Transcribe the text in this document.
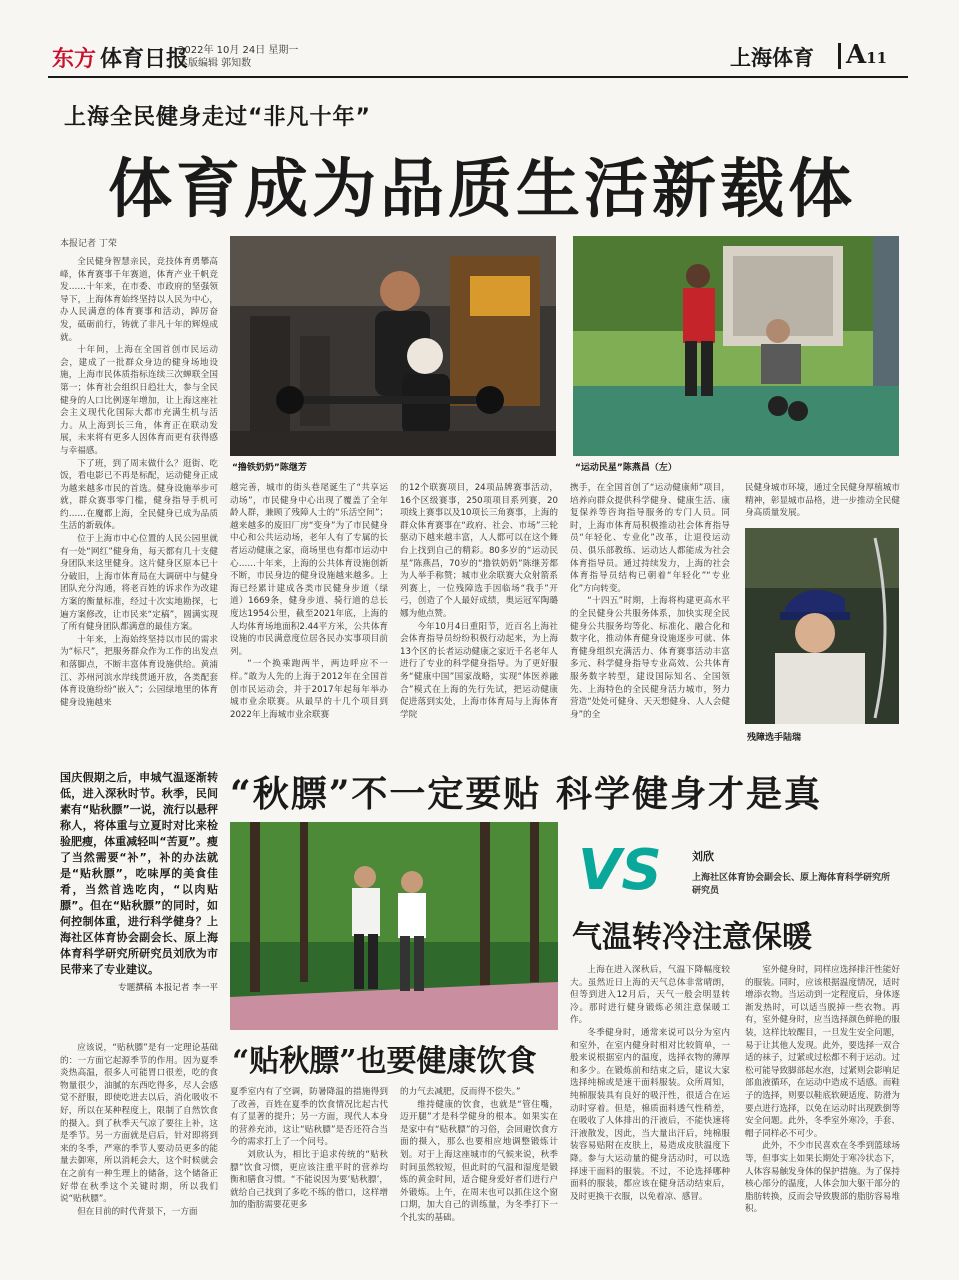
东方 体育日报
2022年 10月 24日 星期一
本版编辑 郭知数	上海体育 A11
上海全民健身走过“非凡十年”
体育成为品质生活新载体
本报记者 丁荣

全民健身智慧亲民，竞技体育勇攀高峰，体育赛事千年赛道，体育产业千帆竞发……十年来，在市委、市政府的坚强领导下，上海体育始终坚持以人民为中心，办人民满意的体育赛事和活动，踔厉奋发，砥砺前行，铸就了非凡十年的辉煌成就。

十年间，上海在全国首创市民运动会，建成了一批群众身边的健身场地设施，上海市民体质指标连续三次蝉联全国第一；体育社会组织日趋壮大，参与全民健身的人口比例逐年增加，让上海这座社会主义现代化国际大都市充满生机与活力。从上海到长三角，体育正在联动发展，未来将有更多人因体育而更有获得感与幸福感。

下了班，到了周末做什么？逛街、吃饭，看电影已不再是标配，运动健身正成为越来越多市民的首选。健身设施举步可就，群众赛事零门槛，健身指导手机可约……在魔都上海，全民健身已成为品质生活的新载体。

位于上海市中心位置的人民公园里就有一处“网红”健身角，每天都有几十支健身团队来这里健身。这片健身区原本已十分破旧，上海市体育局在大调研中与健身团队充分沟通，将老百姓的诉求作为改建方案的衡量标准，经过十次实地勘探，七遍方案修改，让市民来“定稿”，圆满实现了所有健身团队都满意的最佳方案。

十年来，上海始终坚持以市民的需求为“标尺”，把服务群众作为工作的出发点和落脚点，不断丰富体育设施供给。黄浦江、苏州河滨水岸线贯通开放，各类配套体育设施纷纷“嵌入”；公园绿地里的体育健身设施越来

“撸铁奶奶”陈继芳	“运动民星”陈燕昌（左）

越完善，城市的街头巷尾诞生了“共享运动场”，市民健身中心出现了覆盖了全年龄人群，兼顾了残障人士的“乐活空间”；越来越多的废旧厂房“变身”为了市民健身中心和公共运动场，老年人有了专属的长者运动健康之家，商场里也有都市运动中心……十年来，上海的公共体育设施创新不断，市民身边的健身设施越来越多。上海已经累计建成各类市民健身步道（绿道）1669条，健身步道、骑行道的总长度达1954公里，截至2021年底，上海的人均体育场地面积2.44平方米，公共体育设施的市民满意度位居各民办实事项目前列。

“一个换乘跑两半，两边呼应不一样。”敢为人先的上海于2012年在全国首创市民运动会，并于2017年起每年举办城市业余联赛。从最早的十几个项目到2022年上海城市业余联赛

的12个联赛项目，24项品牌赛事活动，16个区级赛事，250项项目系列赛，20项线上赛事以及10项长三角赛事，上海的群众体育赛事在“政府、社会、市场”三轮驱动下越来越丰富，人人都可以在这个舞台上找到自己的精彩。80多岁的“运动民星”陈燕昌，70岁的“撸铁奶奶”陈继芳都为人举手称赞；城市业余联赛大众射箭系列赛上，一位残障选手因临场“我手”开弓，创造了个人最好成绩，奥运冠军陶璐娜为他点赞。

今年10月4日重阳节，近百名上海社会体育指导员纷纷积极行动起来，为上海13个区的长者运动健康之家近千名老年人进行了专业的科学健身指导。为了更好服务“健康中国”国家战略，实现“体医养融合”模式在上海的先行先试，把运动健康促进落到实处，上海市体育局与上海体育学院

携手，在全国首创了“运动健康师”项目，培养向群众提供科学健身、健康生活、康复保养等咨询指导服务的专门人员。同时，上海市体育局积极推动社会体育指导员“年轻化、专业化”改革，让退役运动员、俱乐部教练、运动达人都能成为社会体育指导员。通过持续发力，上海的社会体育指导员结构已朝着“年轻化”“专业化”方向转变。

“十四五”时期，上海将构建更高水平的全民健身公共服务体系，加快实现全民健身公共服务均等化、标准化、融合化和数字化，推动体育健身设施逐步可就、体育健身组织充满活力、体育赛事活动丰富多元、科学健身指导专业高效、公共体育服务数字转型，建设国际知名、全国领先、上海特色的全民健身活力城市，努力营造“处处可健身、天天想健身、人人会健身”的全

民健身城市环境，通过全民健身厚植城市精神，彰显城市品格，进一步推动全民健身高质量发展。

残障选手陆瑞
国庆假期之后，申城气温逐渐转低，进入深秋时节。秋季，民间素有“贴秋膘”一说，流行以悬秤称人，将体重与立夏时对比来检验肥瘦，体重减轻叫“苦夏”。瘦了当然需要“补”，补的办法就是“贴秋膘”，吃味厚的美食佳肴，当然首选吃肉，“以肉贴膘”。但在“贴秋膘”的同时，如何控制体重，进行科学健身？上海社区体育协会副会长、原上海体育科学研究所研究员刘欣为市民带来了专业建议。
专题撰稿 本报记者 李一平
“秋膘”不一定要贴 科学健身才是真
VS	刘欣
上海社区体育协会副会长、原上海体育科学研究所研究员
气温转冷注意保暖
“贴秋膘”也要健康饮食

应该说，“贴秋膘”是有一定理论基础的：一方面它起源季节的作用。因为夏季炎热高温，很多人可能胃口很差，吃的食物量很少，油腻的东西吃得多，尽人会感觉不舒服，即使吃进去以后，消化吸收不好，所以在某种程度上，限制了自然饮食的摄入。到了秋季天气凉了要往上补，这是季节。另一方面就是启后，针对即将到来的冬季，严寒的季节人要动员更多的能量去御寒，所以消耗会大，这个时候就会在之前有一种生理上的储备，这个储备正好带在秋季这个关键时期，所以我们说“贴秋膘”。

但在目前的时代背景下，一方面

夏季室内有了空调，防暑降温的措施得到了改善，百姓在夏季的饮食情况比起古代有了显著的提升；另一方面，现代人本身的营养充沛，这让“贴秋膘”是否还符合当今的需求打上了一个问号。

刘欣认为，相比于追求传统的“贴秋膘”饮食习惯，更应该注重平时的营养均衡和膳食习惯。“不能说因为要‘贴秋膘’，就给自己找到了多吃不练的借口，这样增加的脂肪需要花更多

的力气去减肥，反而得不偿失。”

维持健康的饮食，也就是“管住嘴，迈开腿”才是科学健身的根本。如果实在是家中有“贴秋膘”的习俗，会回避饮食方面的摄入，那么也要相应地调整锻炼计划。对于上海这座城市的气候来说，秋季时间虽然较短，但此时的气温和湿度是锻炼的黄金时间，适合健身爱好者们进行户外锻炼。上午，在周末也可以抓住这个窗口期，加大自己的训练量，为冬季打下一个扎实的基础。

上海在进入深秋后，气温下降幅度较大。虽然近日上海的天气总体非常晴朗，但等到进入12月后，天气一般会明显转冷。那时进行健身锻炼必须注意保暖工作。

冬季健身时，通常来说可以分为室内和室外，在室内健身时相对比较简单，一般来说根据室内的温度，选择衣物的薄厚和多少。在锻炼前和结束之后，建议大家选择纯棉或是速干面料服装。众所周知，纯棉服装具有良好的吸汗性，很适合在运动时穿着。但是，棉质面料透气性稍差，在吸收了人体排出的汗液后，不能快速将汗液散发，因此，当大量出汗后，纯棉服装容易贴附在皮肤上，易造成皮肤温度下降。参与大运动量的健身活动时，可以选择速干面料的服装。不过，不论选择哪种面料的服装，都应该在健身活动结束后，及时更换干衣服，以免着凉、感冒。

室外健身时，同样应选择排汗性能好的服装。同时，应该根据温度情况，适时增添衣物。当运动到一定程度后，身体逐渐发热时，可以适当脱掉一些衣物。再有，室外健身时，应当选择颜色鲜艳的服装，这样比较醒目，一旦发生安全问题，易于让其他人发现。此外，要选择一双合适的袜子，过紧或过松都不利于运动。过松可能导致脚部起水泡，过紧则会影响足部血液循环，在运动中造成不适感。而鞋子的选择，则要以鞋底软硬适度、防滑为要点进行选择，以免在运动时出现跌倒等安全问题。此外，冬季室外寒冷，手套、帽子同样必不可少。

此外，不少市民喜欢在冬季到篮球场等，但事实上如果长期处于寒冷状态下，人体容易触发身体的保护措施。为了保持核心部分的温度，人体会加大躯干部分的脂肪转换，反而会导致腹部的脂肪容易堆积。
